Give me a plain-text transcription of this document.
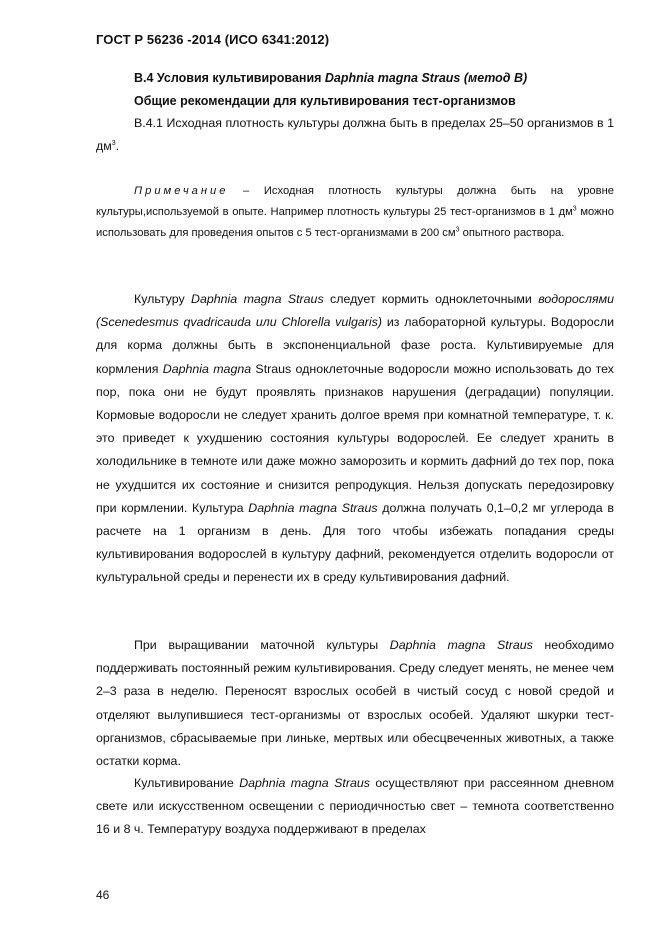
ГОСТ Р 56236 -2014 (ИСО 6341:2012)
В.4 Условия культивирования Daphnia magna Straus (метод В)
Общие рекомендации для культивирования тест-организмов

В.4.1 Исходная плотность культуры должна быть в пределах 25–50 организмов в 1 $дм^3$.

Примечание – Исходная плотность культуры должна быть на уровне культуры,используемой в опыте. Например плотность культуры 25 тест-организмов в 1 $дм^3$ можно использовать для проведения опытов с 5 тест-организмами в 200 $см^3$ опытного раствора.

Культуру Daphnia magna Straus следует кормить одноклеточными водорослями (Scenedesmus qvadricauda или Chlorella vulgaris) из лабораторной культуры. Водоросли для корма должны быть в экспоненциальной фазе роста. Культивируемые для кормления Daphnia magna Straus одноклеточные водоросли можно использовать до тех пор, пока они не будут проявлять признаков нарушения (деградации) популяции. Кормовые водоросли не следует хранить долгое время при комнатной температуре, т. к. это приведет к ухудшению состояния культуры водорослей. Ее следует хранить в холодильнике в темноте или даже можно заморозить и кормить дафний до тех пор, пока не ухудшится их состояние и снизится репродукция. Нельзя допускать передозировку при кормлении. Культура Daphnia magna Straus должна получать 0,1–0,2 мг углерода в расчете на 1 организм в день. Для того чтобы избежать попадания среды культивирования водорослей в культуру дафний, рекомендуется отделить водоросли от культуральной среды и перенести их в среду культивирования дафний.

При выращивании маточной культуры Daphnia magna Straus необходимо поддерживать постоянный режим культивирования. Среду следует менять, не менее чем 2–3 раза в неделю. Переносят взрослых особей в чистый сосуд с новой средой и отделяют вылупившиеся тест-организмы от взрослых особей. Удаляют шкурки тест-организмов, сбрасываемые при линьке, мертвых или обесцвеченных животных, а также остатки корма.

Культивирование Daphnia magna Straus осуществляют при рассеянном дневном свете или искусственном освещении с периодичностью свет – темнота соответственно 16 и 8 ч. Температуру воздуха поддерживают в пределах

46
